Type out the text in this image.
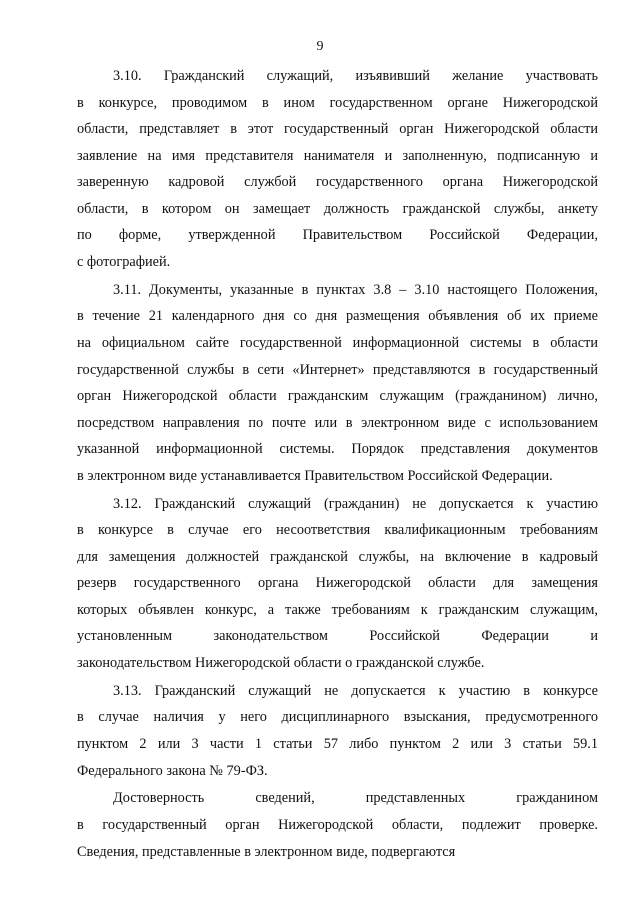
9
3.10. Гражданский служащий, изъявивший желание участвовать
в конкурсе, проводимом в ином государственном органе Нижегородской
области, представляет в этот государственный орган Нижегородской области
заявление на имя представителя нанимателя и заполненную, подписанную и
заверенную кадровой службой государственного органа Нижегородской
области, в котором он замещает должность гражданской службы, анкету
по форме, утвержденной Правительством Российской Федерации,
с фотографией.
3.11. Документы, указанные в пунктах 3.8 – 3.10 настоящего Положения,
в течение 21 календарного дня со дня размещения объявления об их приеме
на официальном сайте государственной информационной системы в области
государственной службы в сети «Интернет» представляются в государственный
орган Нижегородской области гражданским служащим (гражданином) лично,
посредством направления по почте или в электронном виде с использованием
указанной информационной системы. Порядок представления документов
в электронном виде устанавливается Правительством Российской Федерации.
3.12. Гражданский служащий (гражданин) не допускается к участию
в конкурсе в случае его несоответствия квалификационным требованиям
для замещения должностей гражданской службы, на включение в кадровый
резерв государственного органа Нижегородской области для замещения
которых объявлен конкурс, а также требованиям к гражданским служащим,
установленным законодательством Российской Федерации и
законодательством Нижегородской области о гражданской службе.
3.13. Гражданский служащий не допускается к участию в конкурсе
в случае наличия у него дисциплинарного взыскания, предусмотренного
пунктом 2 или 3 части 1 статьи 57 либо пунктом 2 или 3 статьи 59.1
Федерального закона № 79-ФЗ.
Достоверность сведений, представленных гражданином
в государственный орган Нижегородской области, подлежит проверке.
Сведения, представленные в электронном виде, подвергаются
